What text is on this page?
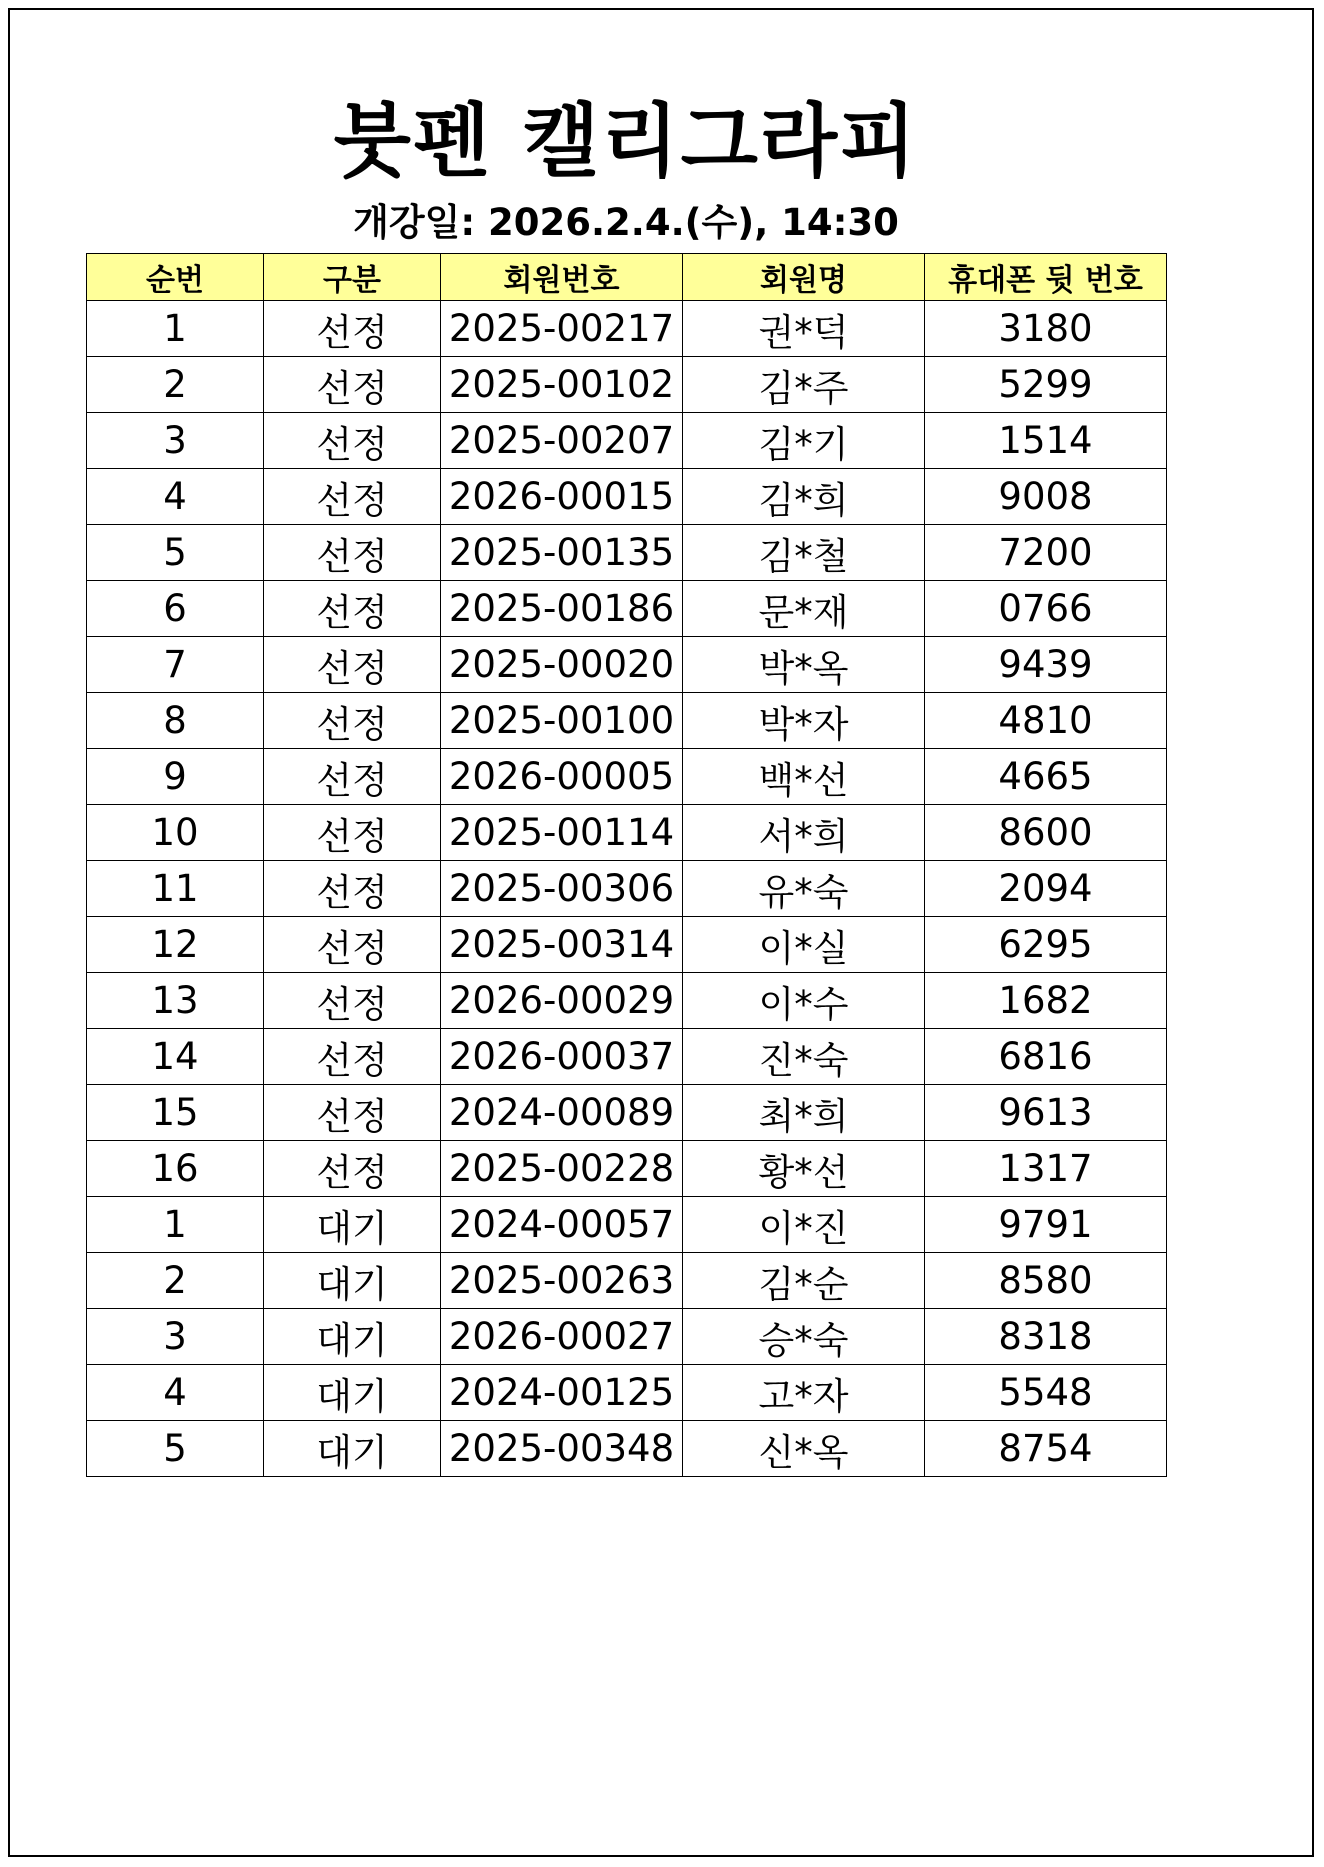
붓펜 캘리그라피
개강일: 2026.2.4.(수), 14:30
순번	구분	회원번호	회원명	휴대폰 뒷 번호
1	선정	2025-00217	권*덕	3180
2	선정	2025-00102	김*주	5299
3	선정	2025-00207	김*기	1514
4	선정	2026-00015	김*희	9008
5	선정	2025-00135	김*철	7200
6	선정	2025-00186	문*재	0766
7	선정	2025-00020	박*옥	9439
8	선정	2025-00100	박*자	4810
9	선정	2026-00005	백*선	4665
10	선정	2025-00114	서*희	8600
11	선정	2025-00306	유*숙	2094
12	선정	2025-00314	이*실	6295
13	선정	2026-00029	이*수	1682
14	선정	2026-00037	진*숙	6816
15	선정	2024-00089	최*희	9613
16	선정	2025-00228	황*선	1317
1	대기	2024-00057	이*진	9791
2	대기	2025-00263	김*순	8580
3	대기	2026-00027	승*숙	8318
4	대기	2024-00125	고*자	5548
5	대기	2025-00348	신*옥	8754
